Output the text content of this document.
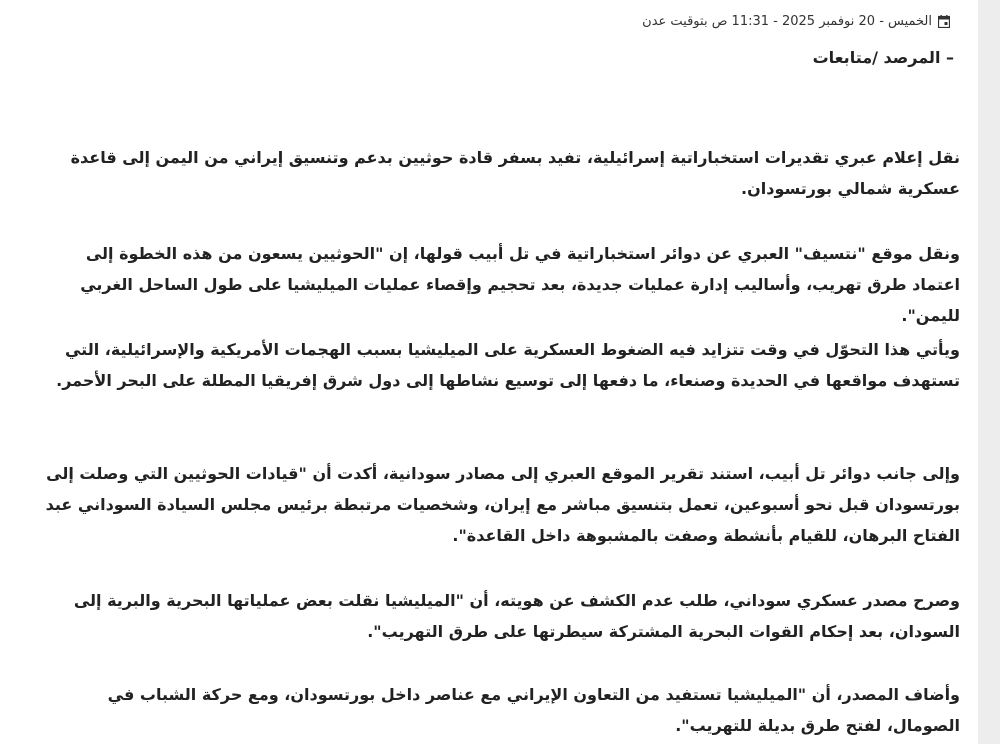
الخميس - 20 نوفمبر 2025 - 11:31 ص بتوقيت عدن
– المرصد /متابعات

نقل إعلام عبري تقديرات استخباراتية إسرائيلية، تفيد بسفر قادة حوثيين بدعم وتنسيق إيراني من اليمن إلى قاعدة عسكرية شمالي بورتسودان.

ونقل موقع "نتسيف" العبري عن دوائر استخباراتية في تل أبيب قولها، إن "الحوثيين يسعون من هذه الخطوة إلى اعتماد طرق تهريب، وأساليب إدارة عمليات جديدة، بعد تحجيم وإقصاء عمليات الميليشيا على طول الساحل الغربي لليمن".

ويأتي هذا التحوّل في وقت تتزايد فيه الضغوط العسكرية على الميليشيا بسبب الهجمات الأمريكية والإسرائيلية، التي تستهدف مواقعها في الحديدة وصنعاء، ما دفعها إلى توسيع نشاطها إلى دول شرق إفريقيا المطلة على البحر الأحمر.

وإلى جانب دوائر تل أبيب، استند تقرير الموقع العبري إلى مصادر سودانية، أكدت أن "قيادات الحوثيين التي وصلت إلى بورتسودان قبل نحو أسبوعين، تعمل بتنسيق مباشر مع إيران، وشخصيات مرتبطة برئيس مجلس السيادة السوداني عبد الفتاح البرهان، للقيام بأنشطة وصفت بالمشبوهة داخل القاعدة".

وصرح مصدر عسكري سوداني، طلب عدم الكشف عن هويته، أن "الميليشيا نقلت بعض عملياتها البحرية والبرية إلى السودان، بعد إحكام القوات البحرية المشتركة سيطرتها على طرق التهريب".

وأضاف المصدر، أن "الميليشيا تستفيد من التعاون الإيراني مع عناصر داخل بورتسودان، ومع حركة الشباب في الصومال، لفتح طرق بديلة للتهريب".
